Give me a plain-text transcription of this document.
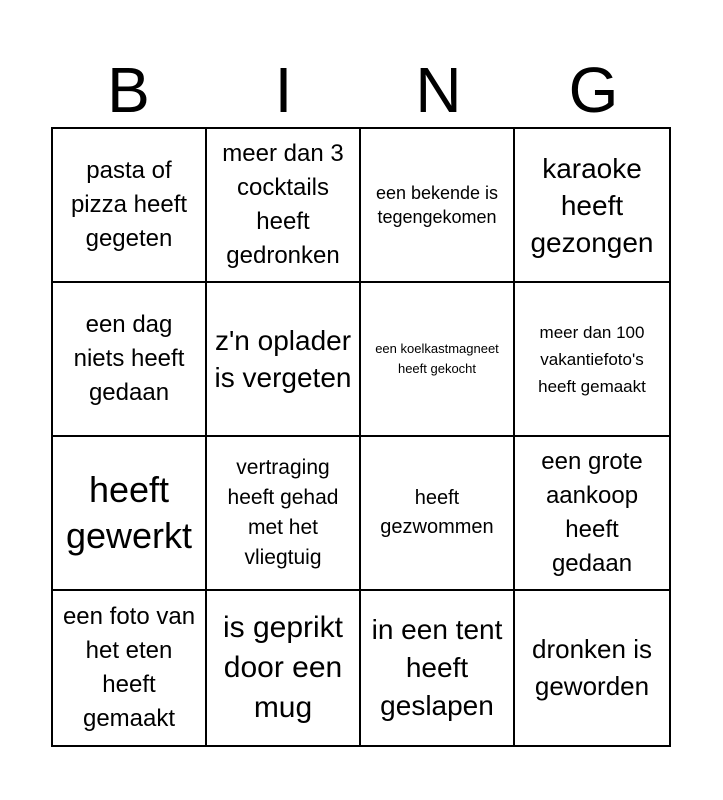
B	I	N	G
pasta of pizza heeft gegeten
meer dan 3 cocktails heeft gedronken
een bekende is tegengekomen
karaoke heeft gezongen
een dag niets heeft gedaan
z'n oplader is vergeten
een koelkastmagneet heeft gekocht
meer dan 100 vakantiefoto's heeft gemaakt
heeft gewerkt
vertraging heeft gehad met het vliegtuig
heeft gezwommen
een grote aankoop heeft gedaan
een foto van het eten heeft gemaakt
is geprikt door een mug
in een tent heeft geslapen
dronken is geworden
